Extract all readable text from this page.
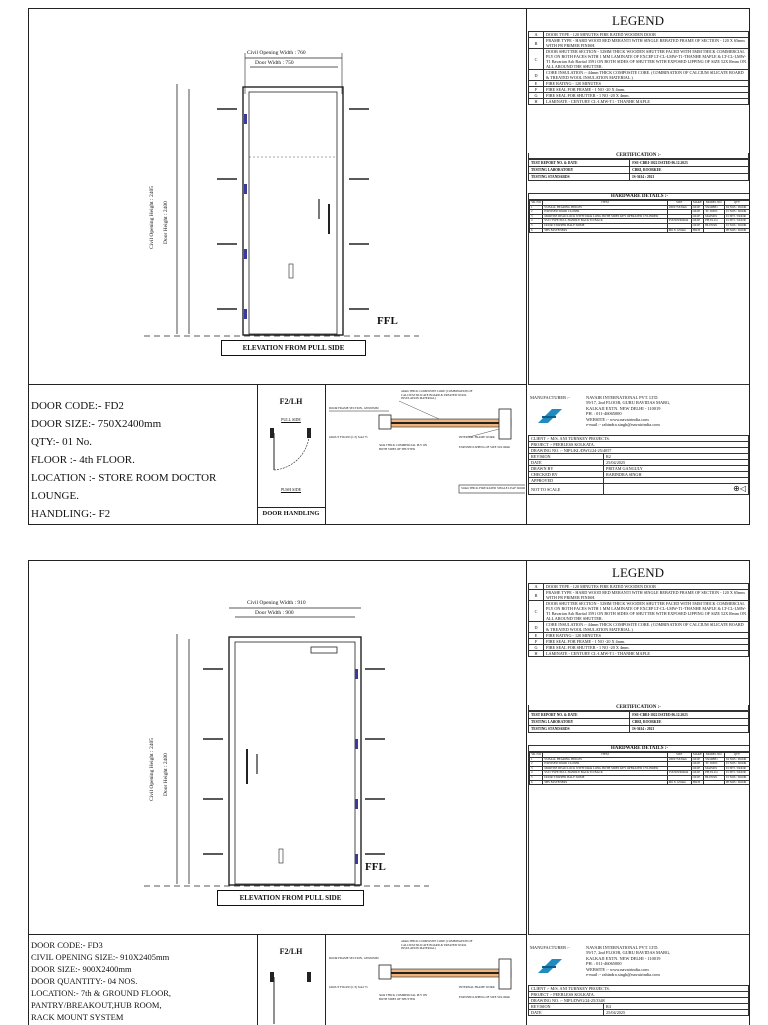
Civil Opening Width : 760
Door Width : 750
Civil Opening Height : 2405 Door Height : 2400
FFL
ELEVATION FROM PULL SIDE
DOOR CODE:- FD2
DOOR SIZE:- 750X2400mm
QTY:- 01 No.
FLOOR :- 4th FLOOR.
LOCATION :- STORE ROOM DOCTOR
LOUNGE.
HANDLING:- F2
F2/LH
PULL SIDE
PUSH SIDE
DOOR HANDLING
DOOR FRAME SECTION, 120X65MM
44mm THICK COMPOSITE CORE (COMBINATION OF CALCIUM SILICATE BOARD & TREATED WOOL INSULATION MATERIAL)
GROUT FILLED (1:3) Sand 75
5mm THICK COMMERCIAL PLY ON BOTH SIDES OF SHUTTER
INTERNAL FRAME WORK
EXPOSED LIPPING OF SIZE 52X10mm
52mm THICK FIRE RATED SINGLE LEAF DOOR
LEGEND
A	DOOR TYPE - 120 MINUTES FIRE RATED WOODEN DOOR
B	FRAME TYPE - HARD WOOD RED MERANTI WITH SINGLE REBATED FRAME OF SECTION - 120 X 65mm WITH FR PRIMER FINISH.
C	DOOR SHUTTER SECTION - 52MM THICK WOODEN SHUTTER FACED WITH 5MM THICK COMMERCIAL PLY ON BOTH FACES WITH 1 MM LAMINATE OF EXCEP LT-CL-LMW-T1-THANHE MAPLE & LT-CL-LMW-T1 Bavarian Ash Barital 3591 ON BOTH SIDES OF SHUTTER WITH EXPOSED LIPPING OF SIZE 52X10mm ON ALL AROUND THE SHUTTER.
D	CORE INSULATION :- 44mm THICK COMPOSITE CORE. (COMBINATION OF CALCIUM SILICATE BOARD & TREATED WOOL INSULATION MATERIAL.)
E	FIRE RATING - 120 MINUTES
F	FIRE SEAL FOR FRAME - 1 NO -20 X 4mm.
G	FIRE SEAL FOR SHUTTER - 1 NO -20 X 4mm.
H	LAMINATE - CENTURY CL-LMW-T1 - THANHE MAPLE
CERTIFICATION :-
TEST REPORT NO. & DATE	FSE-CBRI-1022 DATED 06.12.2023
TESTING LABORATORY	CBRI, ROORKEE
TESTING STANDARDS	IS-3614 : 2021
HARDWARE DETAILS :-
SR. NO	ITEM	SIZE	MAKE	MODEL NO.	QTY
1	SS BALL BEARING HINGES	100X75X3mm	OZ.IE	SSO2BB1	04 NOS / DOOR
2	EXPOSED DOOR CLOSER		OZ.IE	TC 3000C	01 NOS / DOOR
3	MORTISE DEAD LOCK WITH 50mm LONG BOTH SIDES KEY OPERATED CYLINDER		OZ.IE	MAIS001	01 SET / DOOR
4	SS D TYPE PULL HANDLE BACK TO BACK	25X50X300mm	OZ.IE	PH.SS.U4	01 SET / DOOR
5	DOOR STOPPER HALF DOME		OZ.IE	HLDS501	01 NOS / DOOR
6	SHS FASTENERS	M6 X 125mm	HILTI		08 NOS / DOOR
MANUFACTURER :-	NAVAIR INTERNATIONAL PVT. LTD.
59/17, 2nd FLOOR, GURU RAVIDAS MARG,
KALKAJI EXTN. NEW DELHI - 110019
PH. : 011-46065000
WEBSITE :- www.navairindia.com
e-mail :- rabindra.singh@navairindia.com
CLIENT :- M/S. ANI TURNKEY PROJECTS.	
PROJECT :- PEERLESS KOLKATA.	
DRAWING NO. :- NIPL/KL/DWG/24-25/4057	
REVISION	R2
DATE	25/04/2025
DRAWN BY	PRITAM GANGULY
CHECKED BY	RABINDRA SINGH
APPROVED	
NOT TO SCALE	⊕◁
Civil Opening Width : 910
Door Width : 900
Civil Opening Height : 2405 Door Height : 2400
FFL
ELEVATION FROM PULL SIDE
DOOR CODE:- FD3
CIVIL OPENING SIZE:- 910X2405mm
DOOR SIZE:- 900X2400mm
DOOR QUANTITY:- 04 NOS.
LOCATION:- 7th & GROUND FLOOR,
PANTRY/BREAKOUT,HUB ROOM,
RACK MOUNT SYSTEM
F2/LH
DOOR FRAME SECTION, 120X65MM
44mm THICK COMPOSITE CORE (COMBINATION OF CALCIUM SILICATE BOARD & TREATED WOOL INSULATION MATERIAL)
GROUT FILLED (1:3) Sand 75
5mm THICK COMMERCIAL PLY ON BOTH SIDES OF SHUTTER
INTERNAL FRAME WORK
EXPOSED LIPPING OF SIZE 52X10mm
LEGEND
A	DOOR TYPE - 120 MINUTES FIRE RATED WOODEN DOOR
B	FRAME TYPE - HARD WOOD RED MERANTI WITH SINGLE REBATED FRAME OF SECTION - 120 X 65mm WITH FR PRIMER FINISH.
C	DOOR SHUTTER SECTION - 52MM THICK WOODEN SHUTTER FACED WITH 5MM THICK COMMERCIAL PLY ON BOTH FACES WITH 1 MM LAMINATE OF EXCEP LT-CL-LMW-T1-THANHE MAPLE & LT-CL-LMW-T1 Bavarian Ash Barital 3591 ON BOTH SIDES OF SHUTTER WITH EXPOSED LIPPING OF SIZE 52X10mm ON ALL AROUND THE SHUTTER.
D	CORE INSULATION :- 44mm THICK COMPOSITE CORE. (COMBINATION OF CALCIUM SILICATE BOARD & TREATED WOOL INSULATION MATERIAL.)
E	FIRE RATING - 120 MINUTES
F	FIRE SEAL FOR FRAME - 1 NO -20 X 4mm.
G	FIRE SEAL FOR SHUTTER - 1 NO -20 X 4mm.
H	LAMINATE - CENTURY CL-LMW-T1 - THANHE MAPLE
CERTIFICATION :-
TEST REPORT NO. & DATE	FSE-CBRI-1022 DATED 06.12.2023
TESTING LABORATORY	CBRI, ROORKEE
TESTING STANDARDS	IS-3614 : 2021
HARDWARE DETAILS :-
SR. NO	ITEM	SIZE	MAKE	MODEL NO.	QTY
1	SS BALL BEARING HINGES	100X75X3mm	OZ.IE	SSO2BB1	04 NOS / DOOR
2	EXPOSED DOOR CLOSER		OZ.IE	TC 3000C	01 NOS / DOOR
3	MORTISE DEAD LOCK WITH 50mm LONG BOTH SIDES KEY OPERATED CYLINDER		OZ.IE	MAIS001	01 SET / DOOR
4	SS D TYPE PULL HANDLE BACK TO BACK	25X50X300mm	OZ.IE	PH.SS.U4	01 SET / DOOR
5	DOOR STOPPER HALF DOME		OZ.IE	HLDS501	01 NOS / DOOR
6	SHS FASTENERS	M6 X 125mm	HILTI		08 NOS / DOOR
MANUFACTURER :-	NAVAIR INTERNATIONAL PVT. LTD.
59/17, 2nd FLOOR, GURU RAVIDAS MARG,
KALKAJI EXTN. NEW DELHI - 110019
PH. : 011-46065000
WEBSITE :- www.navairindia.com
e-mail :- rabindra.singh@navairindia.com
CLIENT :- M/S. ANI TURNKEY PROJECTS.	
PROJECT :- PEERLESS KOLKATA.	
DRAWING NO. :- NIPL/DWG/24-25/3348	
REVISION	R4
DATE	25/04/2025
